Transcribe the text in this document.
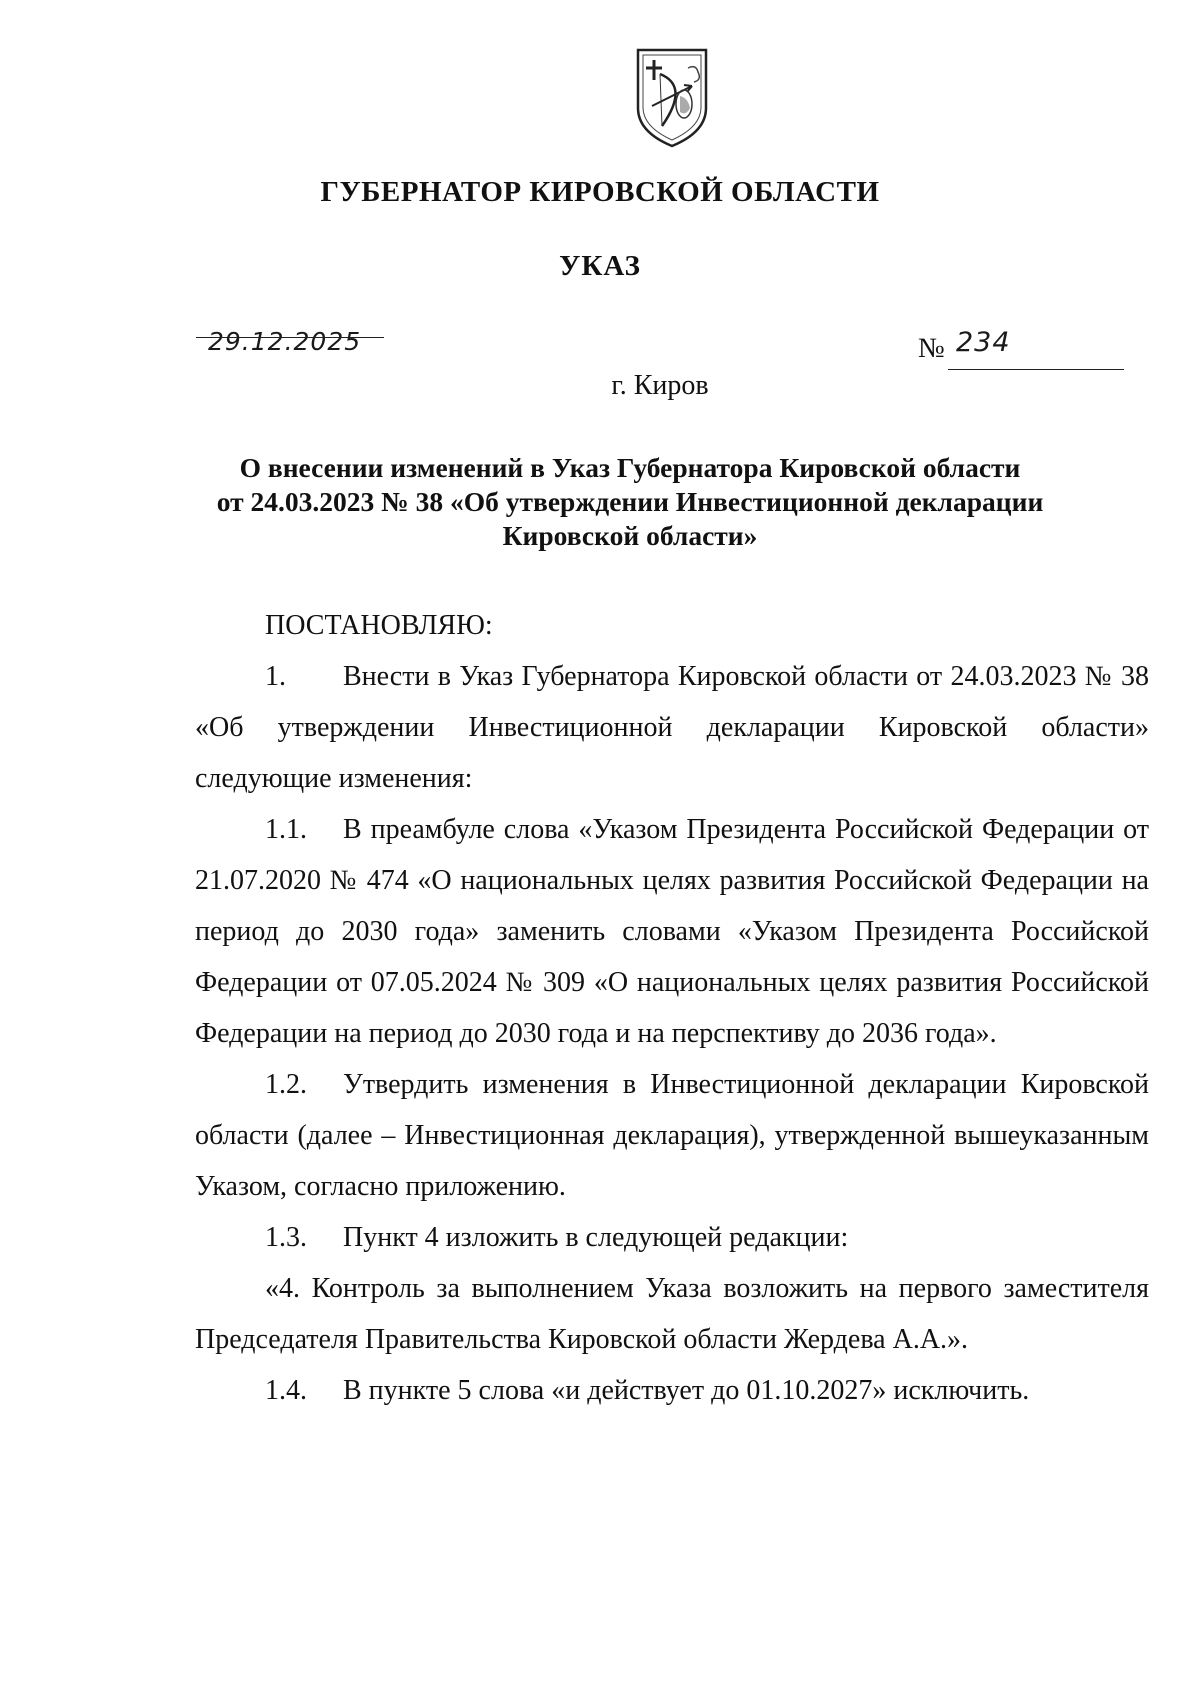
ГУБЕРНАТОР КИРОВСКОЙ ОБЛАСТИ
УКАЗ
29.12.2025	№ 234
г. Киров
О внесении изменений в Указ Губернатора Кировской области
от 24.03.2023 № 38 «Об утверждении Инвестиционной декларации
Кировской области»

ПОСТАНОВЛЯЮ:

1. Внести в Указ Губернатора Кировской области от 24.03.2023 № 38 «Об утверждении Инвестиционной декларации Кировской области» следующие изменения:

1.1. В преамбуле слова «Указом Президента Российской Федерации от 21.07.2020 № 474 «О национальных целях развития Российской Федерации на период до 2030 года» заменить словами «Указом Президента Российской Федерации от 07.05.2024 № 309 «О национальных целях развития Российской Федерации на период до 2030 года и на перспективу до 2036 года».

1.2. Утвердить изменения в Инвестиционной декларации Кировской области (далее – Инвестиционная декларация), утвержденной вышеуказанным Указом, согласно приложению.

1.3. Пункт 4 изложить в следующей редакции:

«4. Контроль за выполнением Указа возложить на первого заместителя Председателя Правительства Кировской области Жердева А.А.».

1.4. В пункте 5 слова «и действует до 01.10.2027» исключить.
